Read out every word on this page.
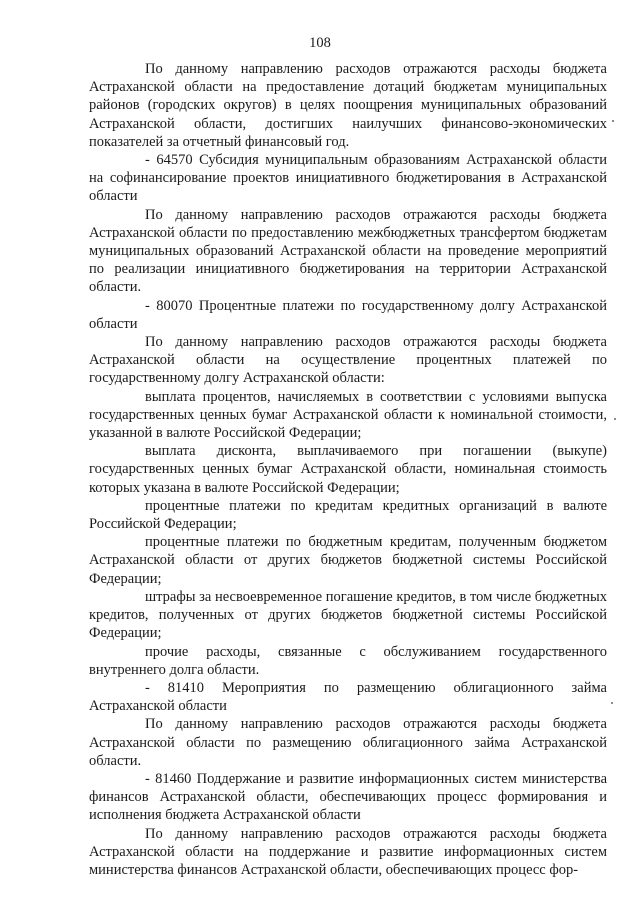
108

По данному направлению расходов отражаются расходы бюджета Астраханской области на предоставление дотаций бюджетам муниципальных районов (городских округов) в целях поощрения муниципальных образований Астраханской области, достигших наилучших финансово-экономических показателей за отчетный финансовый год.

- 64570 Субсидия муниципальным образованиям Астраханской области на софинансирование проектов инициативного бюджетирования в Астраханской области

По данному направлению расходов отражаются расходы бюджета Астраханской области по предоставлению межбюджетных трансфертом бюджетам муниципальных образований Астраханской области на проведение мероприятий по реализации инициативного бюджетирования на территории Астраханской области.

- 80070 Процентные платежи по государственному долгу Астраханской области

По данному направлению расходов отражаются расходы бюджета Астраханской области на осуществление процентных платежей по государственному долгу Астраханской области:

выплата процентов, начисляемых в соответствии с условиями выпуска государственных ценных бумаг Астраханской области к номинальной стоимости, указанной в валюте Российской Федерации;

выплата дисконта, выплачиваемого при погашении (выкупе) государственных ценных бумаг Астраханской области, номинальная стоимость которых указана в валюте Российской Федерации;

процентные платежи по кредитам кредитных организаций в валюте Российской Федерации;

процентные платежи по бюджетным кредитам, полученным бюджетом Астраханской области от других бюджетов бюджетной системы Российской Федерации;

штрафы за несвоевременное погашение кредитов, в том числе бюджетных кредитов, полученных от других бюджетов бюджетной системы Российской Федерации;

прочие расходы, связанные с обслуживанием государственного внутреннего долга области.

- 81410 Мероприятия по размещению облигационного займа Астраханской области

По данному направлению расходов отражаются расходы бюджета Астраханской области по размещению облигационного займа Астраханской области.

- 81460 Поддержание и развитие информационных систем министерства финансов Астраханской области, обеспечивающих процесс формирования и исполнения бюджета Астраханской области

По данному направлению расходов отражаются расходы бюджета Астраханской области на поддержание и развитие информационных систем министерства финансов Астраханской области, обеспечивающих процесс фор-
